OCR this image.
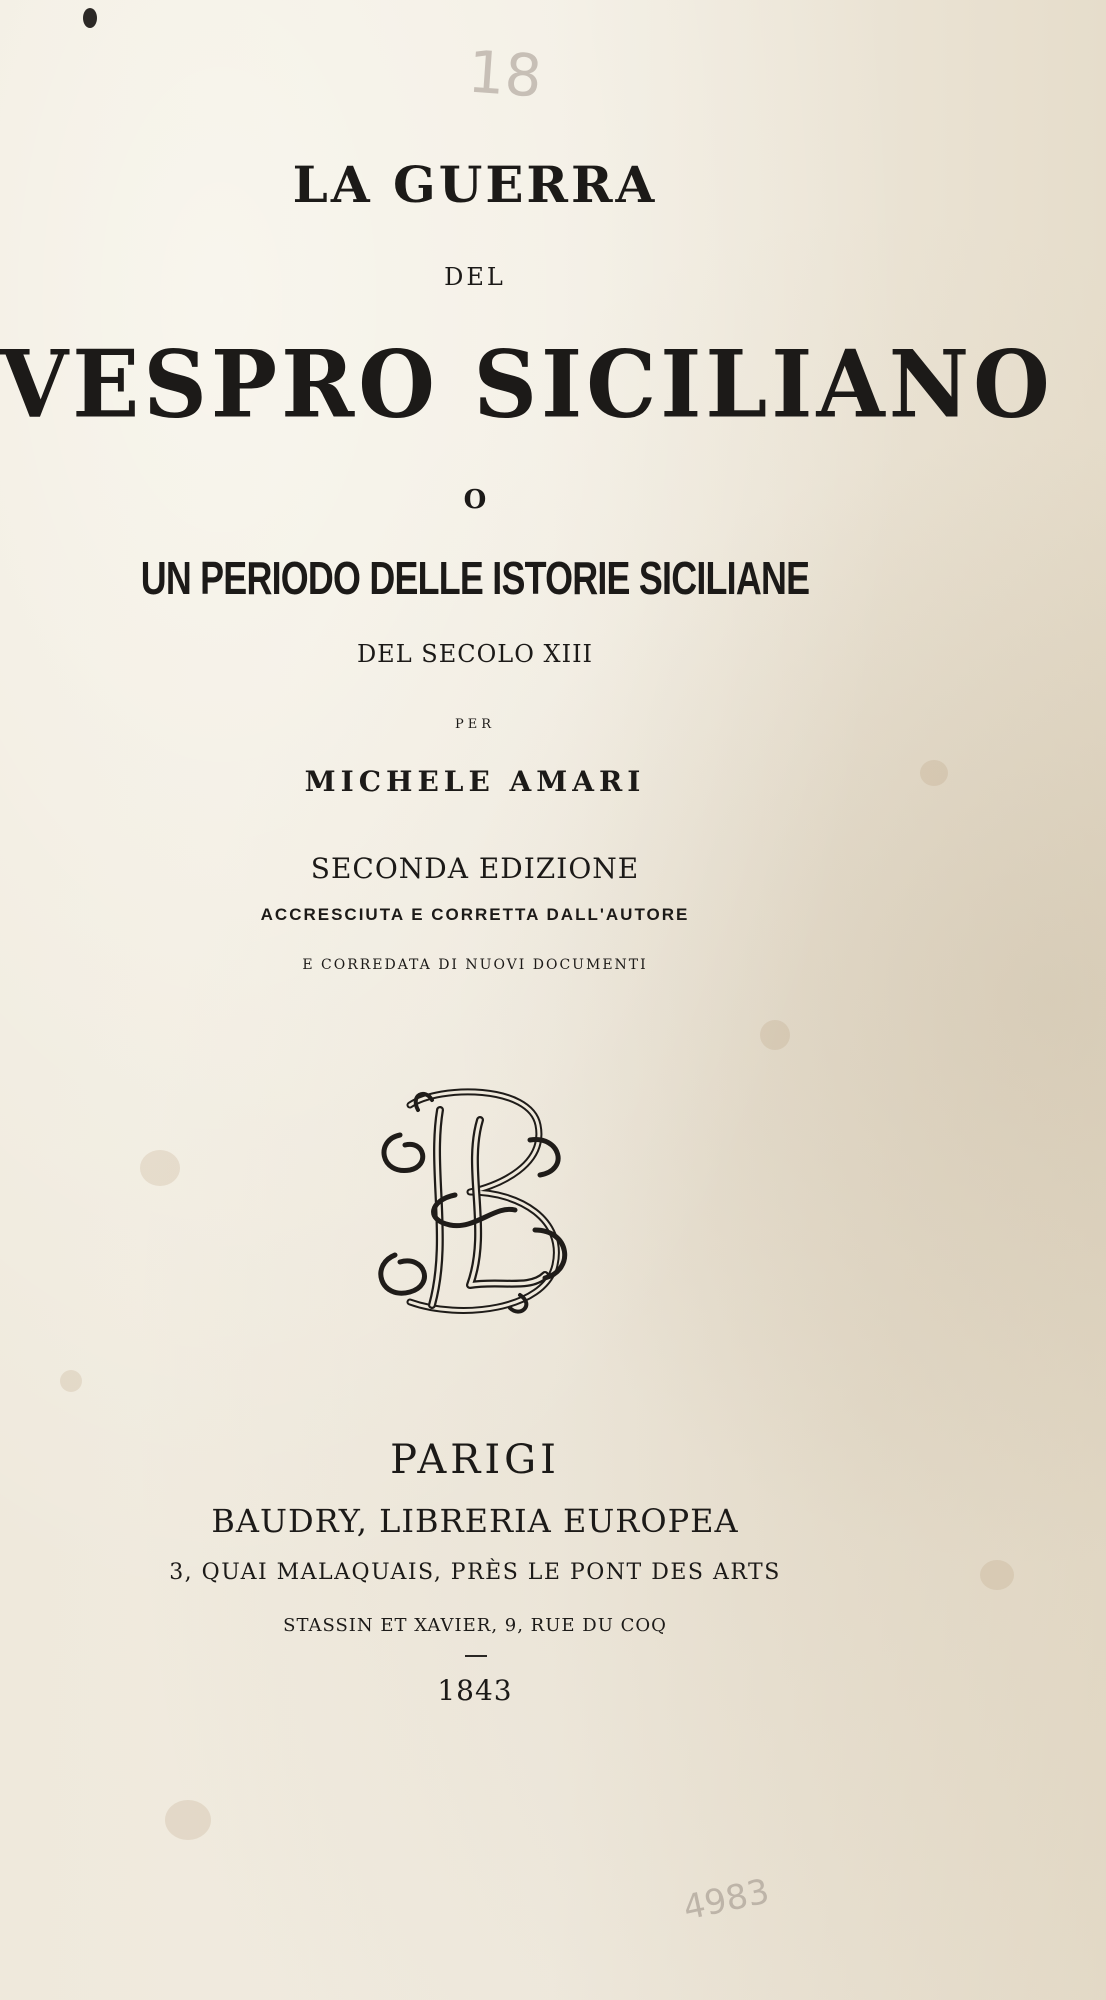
18
LA GUERRA
DEL
VESPRO SICILIANO
O
UN PERIODO DELLE ISTORIE SICILIANE
DEL SECOLO XIII
PER
MICHELE AMARI
SECONDA EDIZIONE
ACCRESCIUTA E CORRETTA DALL'AUTORE
E CORREDATA DI NUOVI DOCUMENTI
PARIGI
BAUDRY, LIBRERIA EUROPEA
3, QUAI MALAQUAIS, PRÈS LE PONT DES ARTS
STASSIN ET XAVIER, 9, RUE DU COQ
1843
4983
